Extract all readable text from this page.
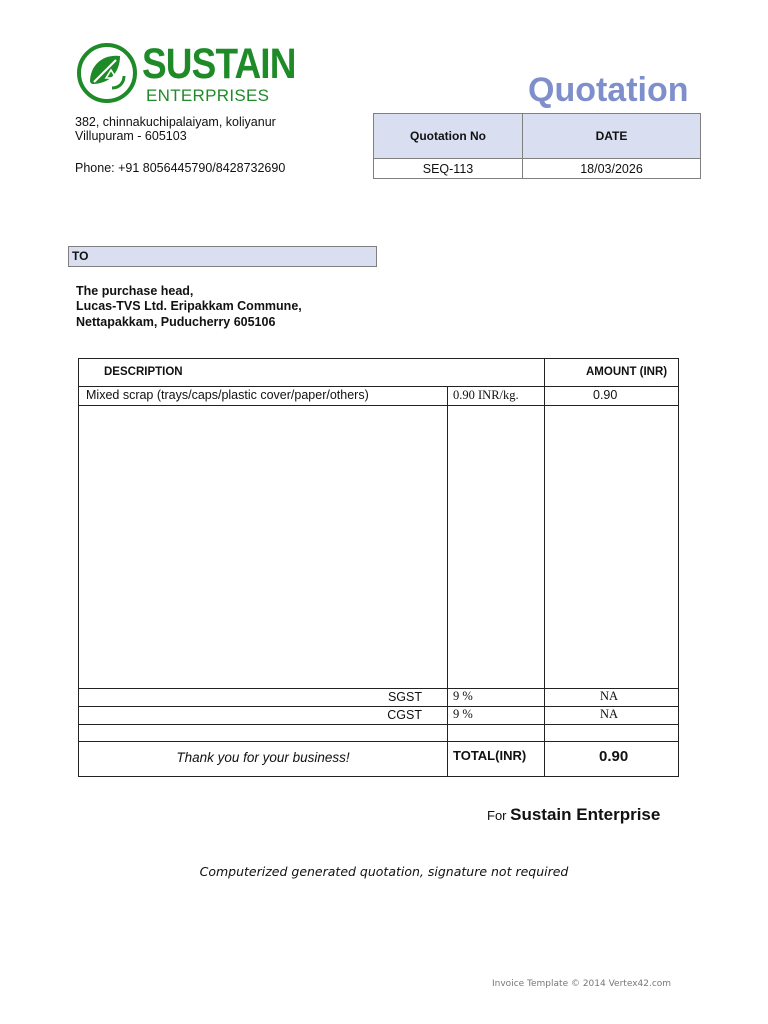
SUSTAIN
ENTERPRISES
382, chinnakuchipalaiyam, koliyanur
Villupuram - 605103
Phone: +91 8056445790/8428732690
Quotation
Quotation No	DATE
SEQ-113	18/03/2026
TO
The purchase head,
Lucas-TVS Ltd. Eripakkam Commune,
Nettapakkam, Puducherry 605106
DESCRIPTION	AMOUNT (INR)
Mixed scrap (trays/caps/plastic cover/paper/others)	0.90 INR/kg.	0.90
SGST 9 %	NA
CGST 9 %	NA
Thank you for your business!	TOTAL(INR)	0.90
For Sustain Enterprise
Computerized generated quotation, signature not required
Invoice Template © 2014 Vertex42.com
